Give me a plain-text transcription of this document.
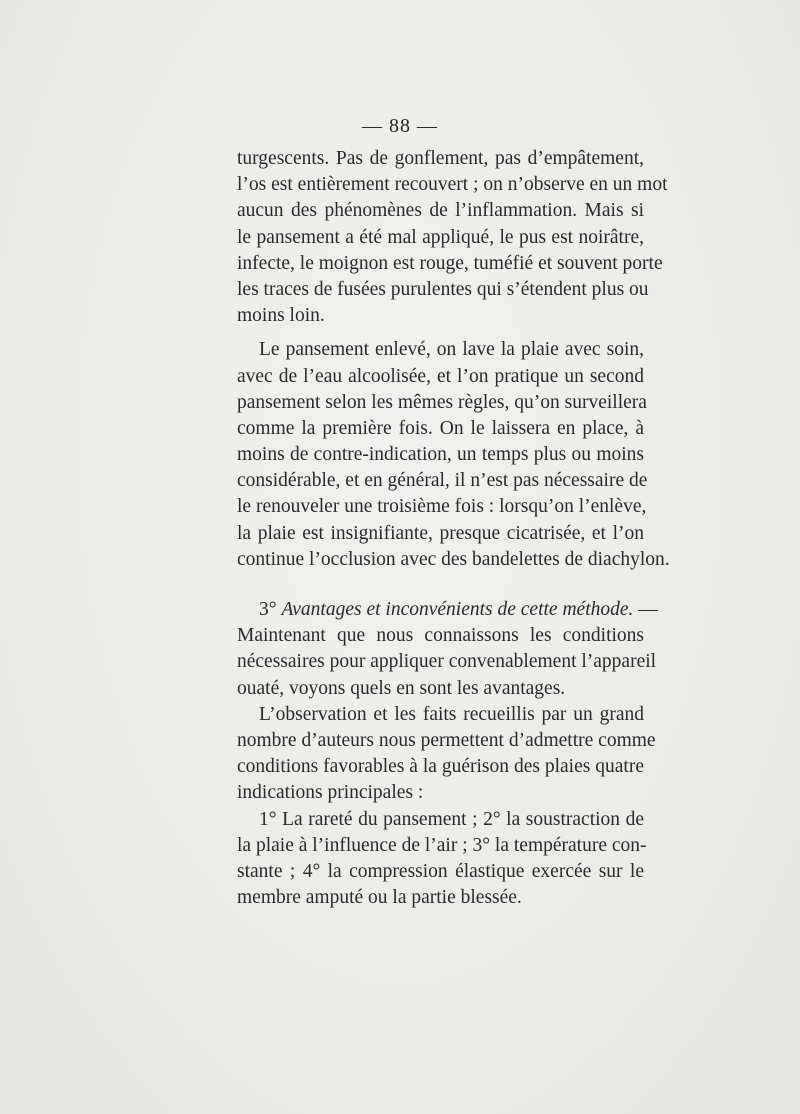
— 88 —
turgescents. Pas de gonflement, pas d’empâtement,
l’os est entièrement recouvert ; on n’observe en un mot
aucun des phénomènes de l’inflammation. Mais si
le pansement a été mal appliqué, le pus est noirâtre,
infecte, le moignon est rouge, tuméfié et souvent porte
les traces de fusées purulentes qui s’étendent plus ou
moins loin.
Le pansement enlevé, on lave la plaie avec soin,
avec de l’eau alcoolisée, et l’on pratique un second
pansement selon les mêmes règles, qu’on surveillera
comme la première fois. On le laissera en place, à
moins de contre-indication, un temps plus ou moins
considérable, et en général, il n’est pas nécessaire de
le renouveler une troisième fois : lorsqu’on l’enlève,
la plaie est insignifiante, presque cicatrisée, et l’on
continue l’occlusion avec des bandelettes de diachylon.
3° Avantages et inconvénients de cette méthode. —
Maintenant que nous connaissons les conditions
nécessaires pour appliquer convenablement l’appareil
ouaté, voyons quels en sont les avantages.
L’observation et les faits recueillis par un grand
nombre d’auteurs nous permettent d’admettre comme
conditions favorables à la guérison des plaies quatre
indications principales :
1° La rareté du pansement ; 2° la soustraction de
la plaie à l’influence de l’air ; 3° la température con-
stante ; 4° la compression élastique exercée sur le
membre amputé ou la partie blessée.
